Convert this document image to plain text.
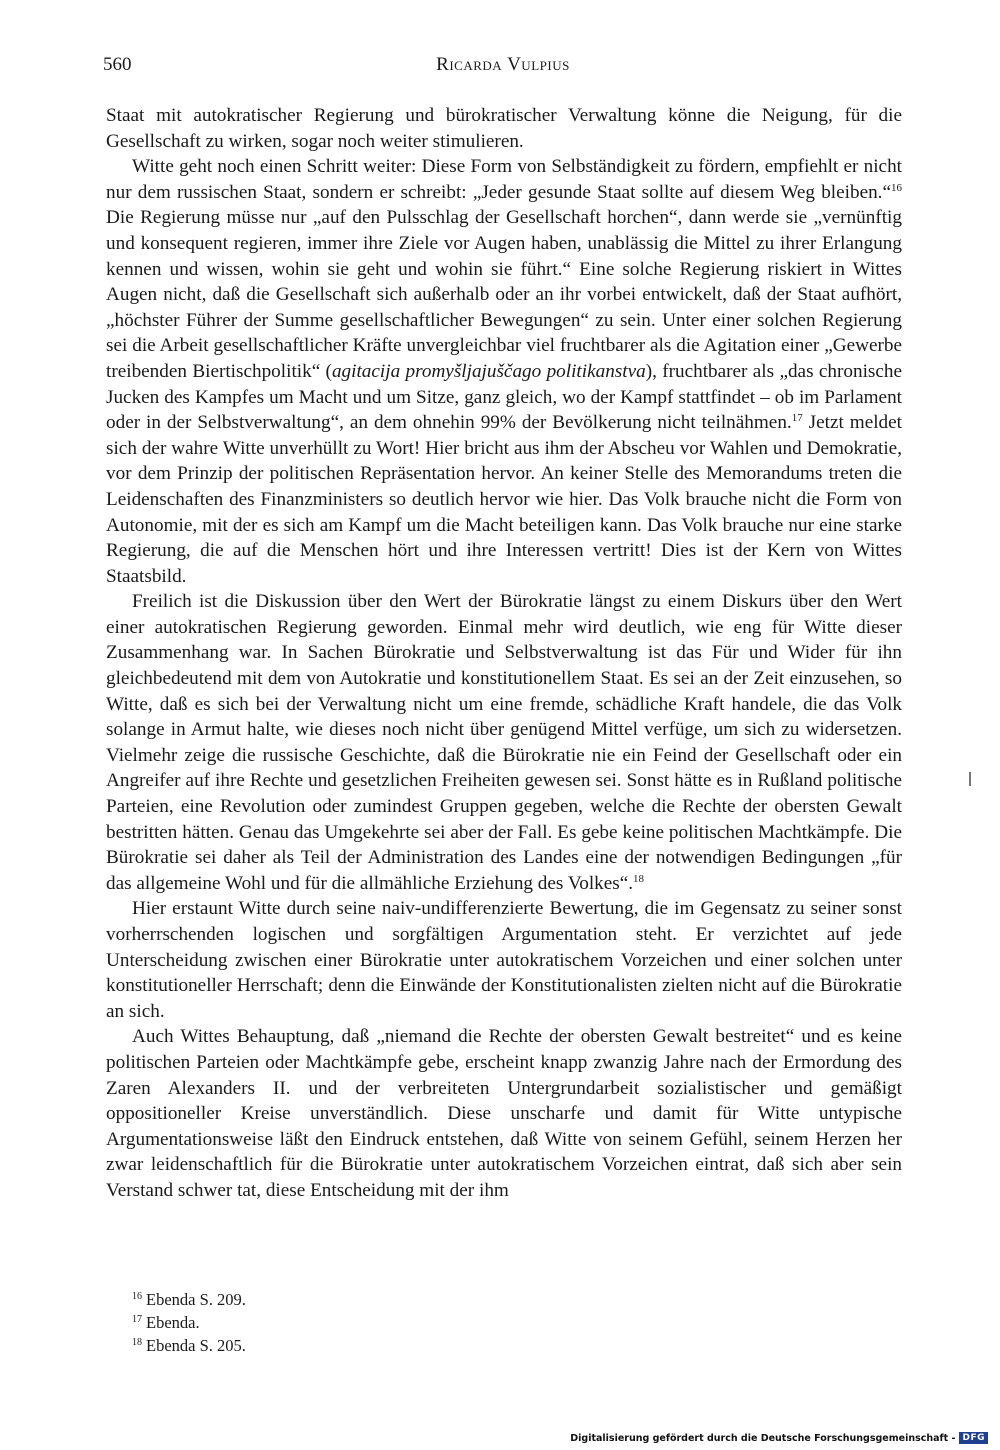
560	Ricarda Vulpius

Staat mit autokratischer Regierung und bürokratischer Verwaltung könne die Neigung, für die Gesellschaft zu wirken, sogar noch weiter stimulieren.

Witte geht noch einen Schritt weiter: Diese Form von Selbständigkeit zu fördern, empfiehlt er nicht nur dem russischen Staat, sondern er schreibt: „Jeder gesunde Staat sollte auf diesem Weg bleiben.“$^{16}$ Die Regierung müsse nur „auf den Pulsschlag der Gesellschaft horchen“, dann werde sie „vernünftig und konsequent regieren, immer ihre Ziele vor Augen haben, unablässig die Mittel zu ihrer Erlangung kennen und wissen, wohin sie geht und wohin sie führt.“ Eine solche Regierung riskiert in Wittes Augen nicht, daß die Gesellschaft sich außerhalb oder an ihr vorbei entwickelt, daß der Staat aufhört, „höchster Führer der Summe gesellschaftlicher Bewegungen“ zu sein. Unter einer solchen Regierung sei die Arbeit gesellschaftlicher Kräfte unvergleichbar viel fruchtbarer als die Agitation einer „Gewerbe treibenden Biertischpolitik“ (agitacija promyšljajuščago politikanstva), fruchtbarer als „das chronische Jucken des Kampfes um Macht und um Sitze, ganz gleich, wo der Kampf stattfindet – ob im Parlament oder in der Selbstverwaltung“, an dem ohnehin 99% der Bevölkerung nicht teilnähmen.$^{17}$ Jetzt meldet sich der wahre Witte unverhüllt zu Wort! Hier bricht aus ihm der Abscheu vor Wahlen und Demokratie, vor dem Prinzip der politischen Repräsentation hervor. An keiner Stelle des Memorandums treten die Leidenschaften des Finanzministers so deutlich hervor wie hier. Das Volk brauche nicht die Form von Autonomie, mit der es sich am Kampf um die Macht beteiligen kann. Das Volk brauche nur eine starke Regierung, die auf die Menschen hört und ihre Interessen vertritt! Dies ist der Kern von Wittes Staatsbild.

Freilich ist die Diskussion über den Wert der Bürokratie längst zu einem Diskurs über den Wert einer autokratischen Regierung geworden. Einmal mehr wird deutlich, wie eng für Witte dieser Zusammenhang war. In Sachen Bürokratie und Selbstverwaltung ist das Für und Wider für ihn gleichbedeutend mit dem von Autokratie und konstitutionellem Staat. Es sei an der Zeit einzusehen, so Witte, daß es sich bei der Verwaltung nicht um eine fremde, schädliche Kraft handele, die das Volk solange in Armut halte, wie dieses noch nicht über genügend Mittel verfüge, um sich zu widersetzen. Vielmehr zeige die russische Geschichte, daß die Bürokratie nie ein Feind der Gesellschaft oder ein Angreifer auf ihre Rechte und gesetzlichen Freiheiten gewesen sei. Sonst hätte es in Rußland politische Parteien, eine Revolution oder zumindest Gruppen gegeben, welche die Rechte der obersten Gewalt bestritten hätten. Genau das Umgekehrte sei aber der Fall. Es gebe keine politischen Machtkämpfe. Die Bürokratie sei daher als Teil der Administration des Landes eine der notwendigen Bedingungen „für das allgemeine Wohl und für die allmähliche Erziehung des Volkes“.$^{18}$

Hier erstaunt Witte durch seine naiv-undifferenzierte Bewertung, die im Gegensatz zu seiner sonst vorherrschenden logischen und sorgfältigen Argumentation steht. Er verzichtet auf jede Unterscheidung zwischen einer Bürokratie unter autokratischem Vorzeichen und einer solchen unter konstitutioneller Herrschaft; denn die Einwände der Konstitutionalisten zielten nicht auf die Bürokratie an sich.

Auch Wittes Behauptung, daß „niemand die Rechte der obersten Gewalt bestreitet“ und es keine politischen Parteien oder Machtkämpfe gebe, erscheint knapp zwanzig Jahre nach der Ermordung des Zaren Alexanders II. und der verbreiteten Untergrundarbeit sozialistischer und gemäßigt oppositioneller Kreise unverständlich. Diese unscharfe und damit für Witte untypische Argumentationsweise läßt den Eindruck entstehen, daß Witte von seinem Gefühl, seinem Herzen her zwar leidenschaftlich für die Bürokratie unter autokratischem Vorzeichen eintrat, daß sich aber sein Verstand schwer tat, diese Entscheidung mit der ihm

$^{16}$ Ebenda S. 209.

$^{17}$ Ebenda.

$^{18}$ Ebenda S. 205.

Digitalisierung gefördert durch die Deutsche Forschungsgemeinschaft - DFG
